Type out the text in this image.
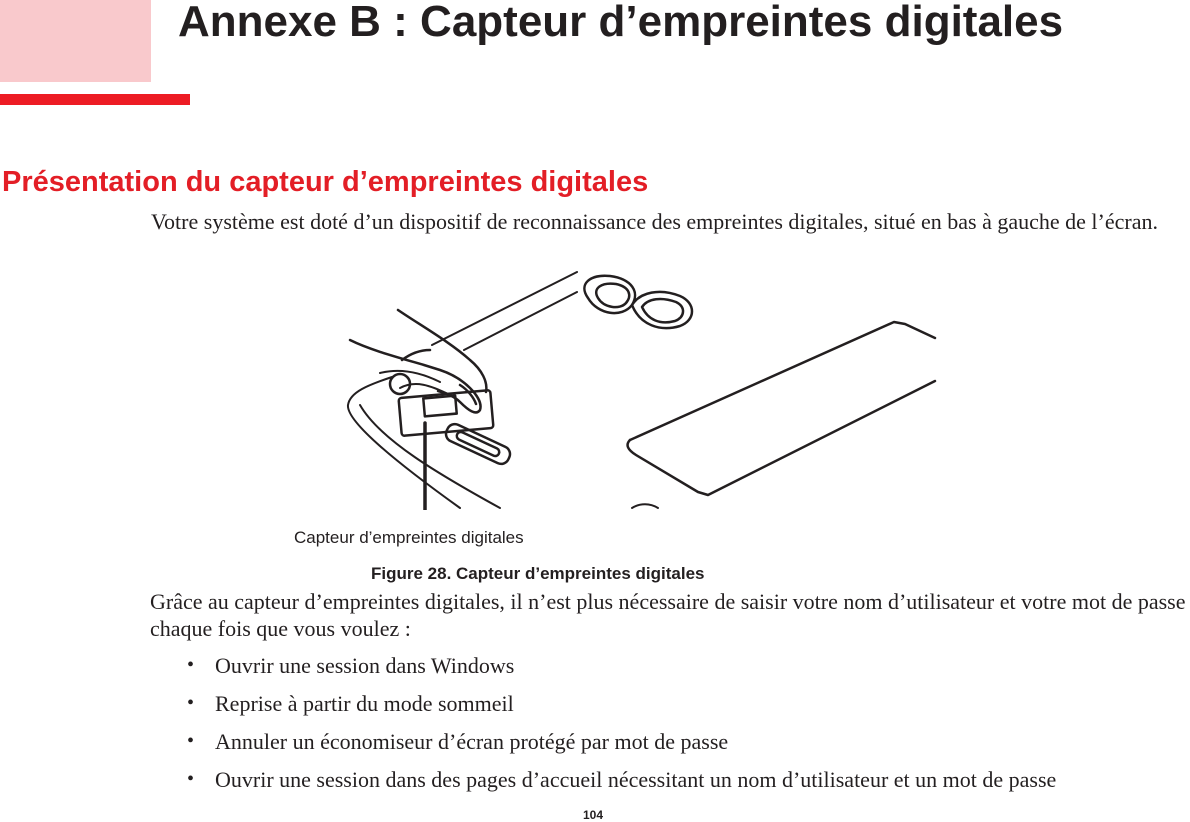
Annexe B : Capteur d’empreintes digitales
Présentation du capteur d’empreintes digitales

Votre système est doté d’un dispositif de reconnaissance des empreintes digitales, situé en bas à gauche de l’écran.

Capteur d’empreintes digitales
Figure 28. Capteur d’empreintes digitales

Grâce au capteur d’empreintes digitales, il n’est plus nécessaire de saisir votre nom d’utilisateur et votre mot de passe chaque fois que vous voulez :

• Ouvrir une session dans Windows
• Reprise à partir du mode sommeil
• Annuler un économiseur d’écran protégé par mot de passe
• Ouvrir une session dans des pages d’accueil nécessitant un nom d’utilisateur et un mot de passe
104
